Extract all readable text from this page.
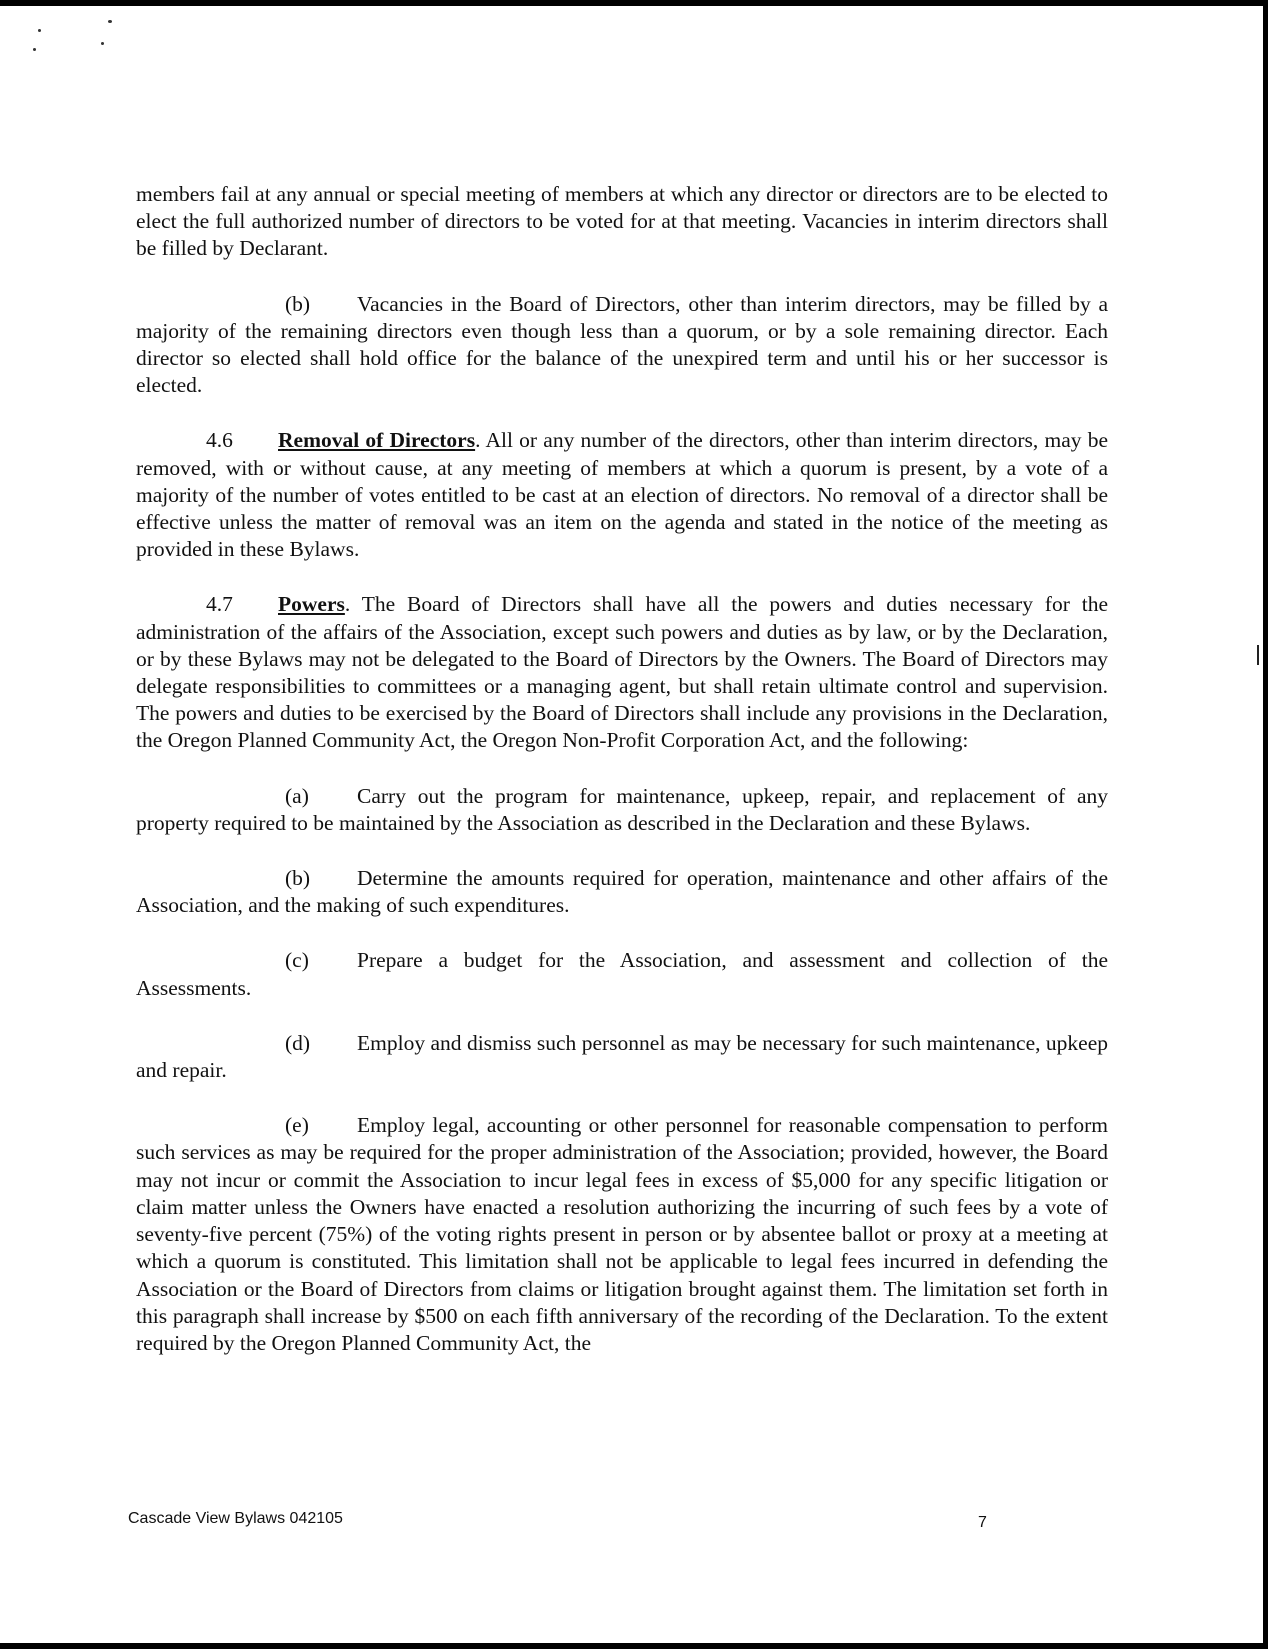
members fail at any annual or special meeting of members at which any director or directors are to be elected to elect the full authorized number of directors to be voted for at that meeting. Vacancies in interim directors shall be filled by Declarant.

(b) Vacancies in the Board of Directors, other than interim directors, may be filled by a majority of the remaining directors even though less than a quorum, or by a sole remaining director. Each director so elected shall hold office for the balance of the unexpired term and until his or her successor is elected.

4.6 Removal of Directors. All or any number of the directors, other than interim directors, may be removed, with or without cause, at any meeting of members at which a quorum is present, by a vote of a majority of the number of votes entitled to be cast at an election of directors. No removal of a director shall be effective unless the matter of removal was an item on the agenda and stated in the notice of the meeting as provided in these Bylaws.

4.7 Powers. The Board of Directors shall have all the powers and duties necessary for the administration of the affairs of the Association, except such powers and duties as by law, or by the Declaration, or by these Bylaws may not be delegated to the Board of Directors by the Owners. The Board of Directors may delegate responsibilities to committees or a managing agent, but shall retain ultimate control and supervision. The powers and duties to be exercised by the Board of Directors shall include any provisions in the Declaration, the Oregon Planned Community Act, the Oregon Non-Profit Corporation Act, and the following:

(a) Carry out the program for maintenance, upkeep, repair, and replacement of any property required to be maintained by the Association as described in the Declaration and these Bylaws.

(b) Determine the amounts required for operation, maintenance and other affairs of the Association, and the making of such expenditures.

(c) Prepare a budget for the Association, and assessment and collection of the Assessments.

(d) Employ and dismiss such personnel as may be necessary for such maintenance, upkeep and repair.

(e) Employ legal, accounting or other personnel for reasonable compensation to perform such services as may be required for the proper administration of the Association; provided, however, the Board may not incur or commit the Association to incur legal fees in excess of $5,000 for any specific litigation or claim matter unless the Owners have enacted a resolution authorizing the incurring of such fees by a vote of seventy-five percent (75%) of the voting rights present in person or by absentee ballot or proxy at a meeting at which a quorum is constituted. This limitation shall not be applicable to legal fees incurred in defending the Association or the Board of Directors from claims or litigation brought against them. The limitation set forth in this paragraph shall increase by $500 on each fifth anniversary of the recording of the Declaration. To the extent required by the Oregon Planned Community Act, the

Cascade View Bylaws 042105	7
